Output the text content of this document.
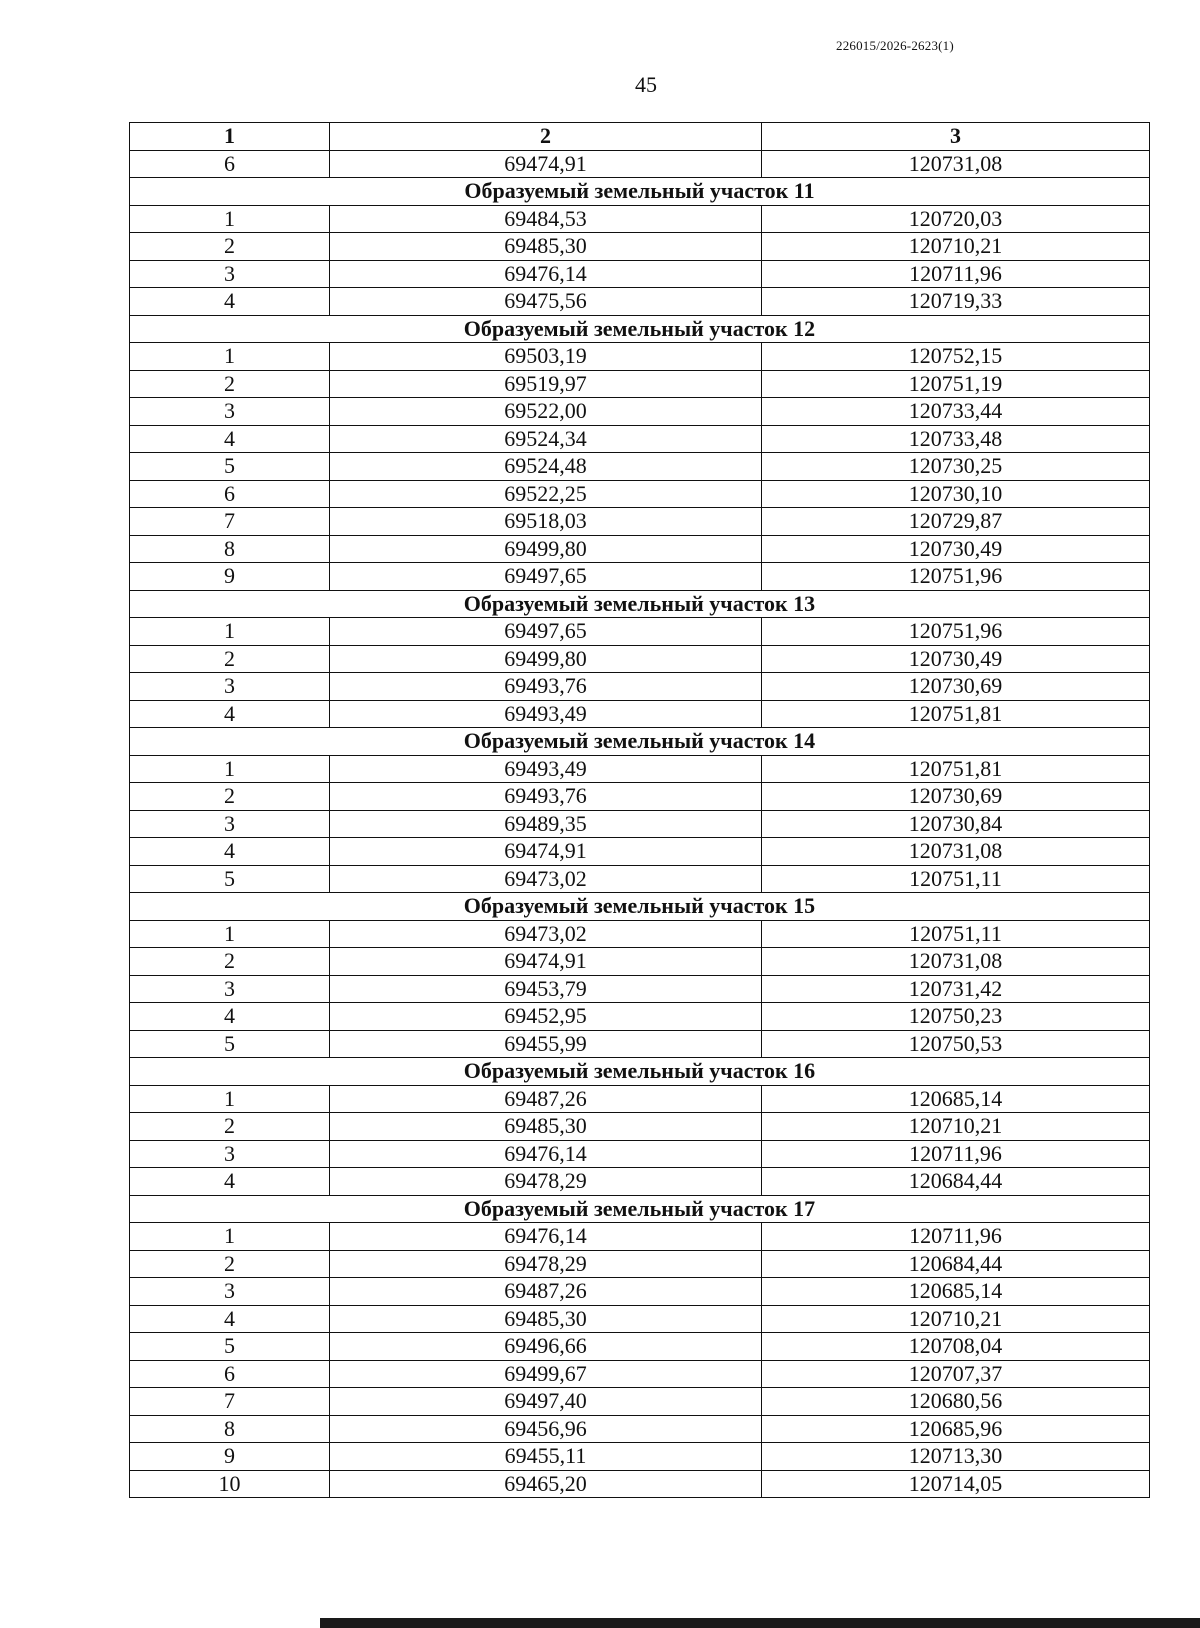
226015/2026-2623(1)
45
1	2	3
6	69474,91	120731,08
Образуемый земельный участок 11		
1	69484,53	120720,03
2	69485,30	120710,21
3	69476,14	120711,96
4	69475,56	120719,33
Образуемый земельный участок 12		
1	69503,19	120752,15
2	69519,97	120751,19
3	69522,00	120733,44
4	69524,34	120733,48
5	69524,48	120730,25
6	69522,25	120730,10
7	69518,03	120729,87
8	69499,80	120730,49
9	69497,65	120751,96
Образуемый земельный участок 13		
1	69497,65	120751,96
2	69499,80	120730,49
3	69493,76	120730,69
4	69493,49	120751,81
Образуемый земельный участок 14		
1	69493,49	120751,81
2	69493,76	120730,69
3	69489,35	120730,84
4	69474,91	120731,08
5	69473,02	120751,11
Образуемый земельный участок 15		
1	69473,02	120751,11
2	69474,91	120731,08
3	69453,79	120731,42
4	69452,95	120750,23
5	69455,99	120750,53
Образуемый земельный участок 16		
1	69487,26	120685,14
2	69485,30	120710,21
3	69476,14	120711,96
4	69478,29	120684,44
Образуемый земельный участок 17		
1	69476,14	120711,96
2	69478,29	120684,44
3	69487,26	120685,14
4	69485,30	120710,21
5	69496,66	120708,04
6	69499,67	120707,37
7	69497,40	120680,56
8	69456,96	120685,96
9	69455,11	120713,30
10	69465,20	120714,05
